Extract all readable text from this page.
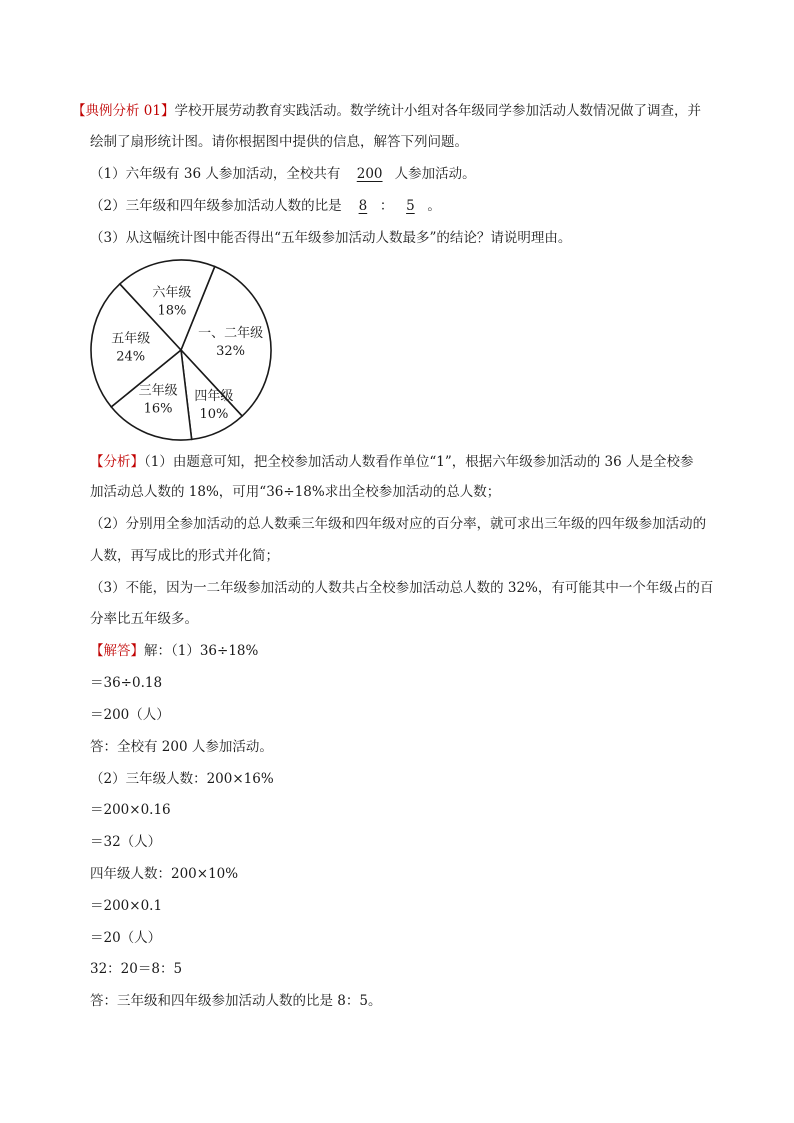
【典例分析 01】学校开展劳动教育实践活动。数学统计小组对各年级同学参加活动人数情况做了调查，并
绘制了扇形统计图。请你根据图中提供的信息，解答下列问题。
（1）六年级有 36 人参加活动，全校共有 200 人参加活动。
（2）三年级和四年级参加活动人数的比是 8 ： 5 。
（3）从这幅统计图中能否得出“五年级参加活动人数最多”的结论？请说明理由。
一、二年级
32%
四年级
10%
三年级
16%
五年级
24%
六年级
18%
【分析】（1）由题意可知，把全校参加活动人数看作单位“1”，根据六年级参加活动的 36 人是全校参
加活动总人数的 18%，可用“36÷18%求出全校参加活动的总人数；
（2）分别用全参加活动的总人数乘三年级和四年级对应的百分率，就可求出三年级的四年级参加活动的
人数，再写成比的形式并化简；
（3）不能，因为一二年级参加活动的人数共占全校参加活动总人数的 32%，有可能其中一个年级占的百
分率比五年级多。
【解答】解：（1）36÷18%
＝36÷0.18
＝200（人）
答：全校有 200 人参加活动。
（2）三年级人数：200×16%
＝200×0.16
＝32（人）
四年级人数：200×10%
＝200×0.1
＝20（人）
32：20＝8：5
答：三年级和四年级参加活动人数的比是 8：5。
